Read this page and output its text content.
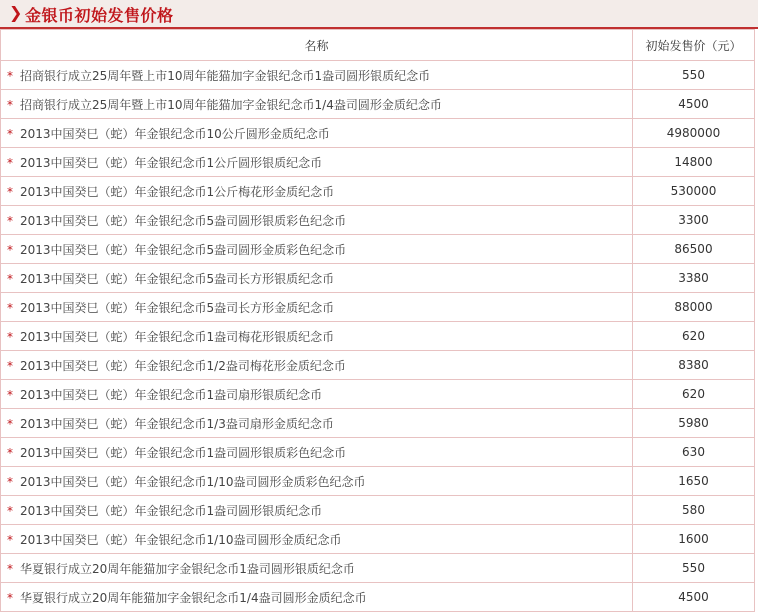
❯ 金银币初始发售价格
名称	初始发售价（元）
* 招商银行成立25周年暨上市10周年能猫加字金银纪念币1盎司圆形银质纪念币	550
* 招商银行成立25周年暨上市10周年能猫加字金银纪念币1/4盎司圆形金质纪念币	4500
* 2013中国癸巳（蛇）年金银纪念币10公斤圆形金质纪念币	4980000
* 2013中国癸巳（蛇）年金银纪念币1公斤圆形银质纪念币	14800
* 2013中国癸巳（蛇）年金银纪念币1公斤梅花形金质纪念币	530000
* 2013中国癸巳（蛇）年金银纪念币5盎司圆形银质彩色纪念币	3300
* 2013中国癸巳（蛇）年金银纪念币5盎司圆形金质彩色纪念币	86500
* 2013中国癸巳（蛇）年金银纪念币5盎司长方形银质纪念币	3380
* 2013中国癸巳（蛇）年金银纪念币5盎司长方形金质纪念币	88000
* 2013中国癸巳（蛇）年金银纪念币1盎司梅花形银质纪念币	620
* 2013中国癸巳（蛇）年金银纪念币1/2盎司梅花形金质纪念币	8380
* 2013中国癸巳（蛇）年金银纪念币1盎司扇形银质纪念币	620
* 2013中国癸巳（蛇）年金银纪念币1/3盎司扇形金质纪念币	5980
* 2013中国癸巳（蛇）年金银纪念币1盎司圆形银质彩色纪念币	630
* 2013中国癸巳（蛇）年金银纪念币1/10盎司圆形金质彩色纪念币	1650
* 2013中国癸巳（蛇）年金银纪念币1盎司圆形银质纪念币	580
* 2013中国癸巳（蛇）年金银纪念币1/10盎司圆形金质纪念币	1600
* 华夏银行成立20周年能猫加字金银纪念币1盎司圆形银质纪念币	550
* 华夏银行成立20周年能猫加字金银纪念币1/4盎司圆形金质纪念币	4500
